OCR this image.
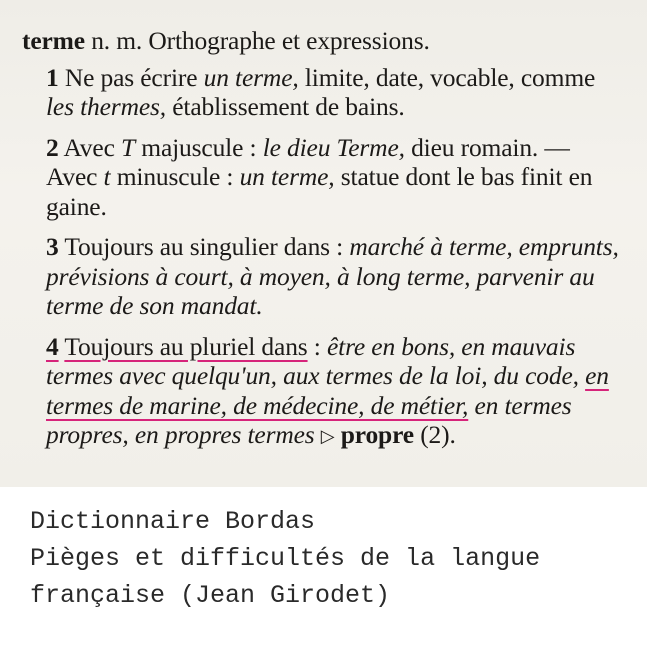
terme n. m. Orthographe et expressions.
1 Ne pas écrire un terme, limite, date, vocable, comme les thermes, établissement de bains.
2 Avec T majuscule : le dieu Terme, dieu romain. — Avec t minuscule : un terme, statue dont le bas finit en gaine.
3 Toujours au singulier dans : marché à terme, emprunts, prévisions à court, à moyen, à long terme, parvenir au terme de son mandat.
4 Toujours au pluriel dans : être en bons, en mauvais termes avec quelqu'un, aux termes de la loi, du code, en termes de marine, de médecine, de métier, en termes propres, en propres termes ▷ propre (2).
Dictionnaire Bordas
Pièges et difficultés de la langue
française (Jean Girodet)
